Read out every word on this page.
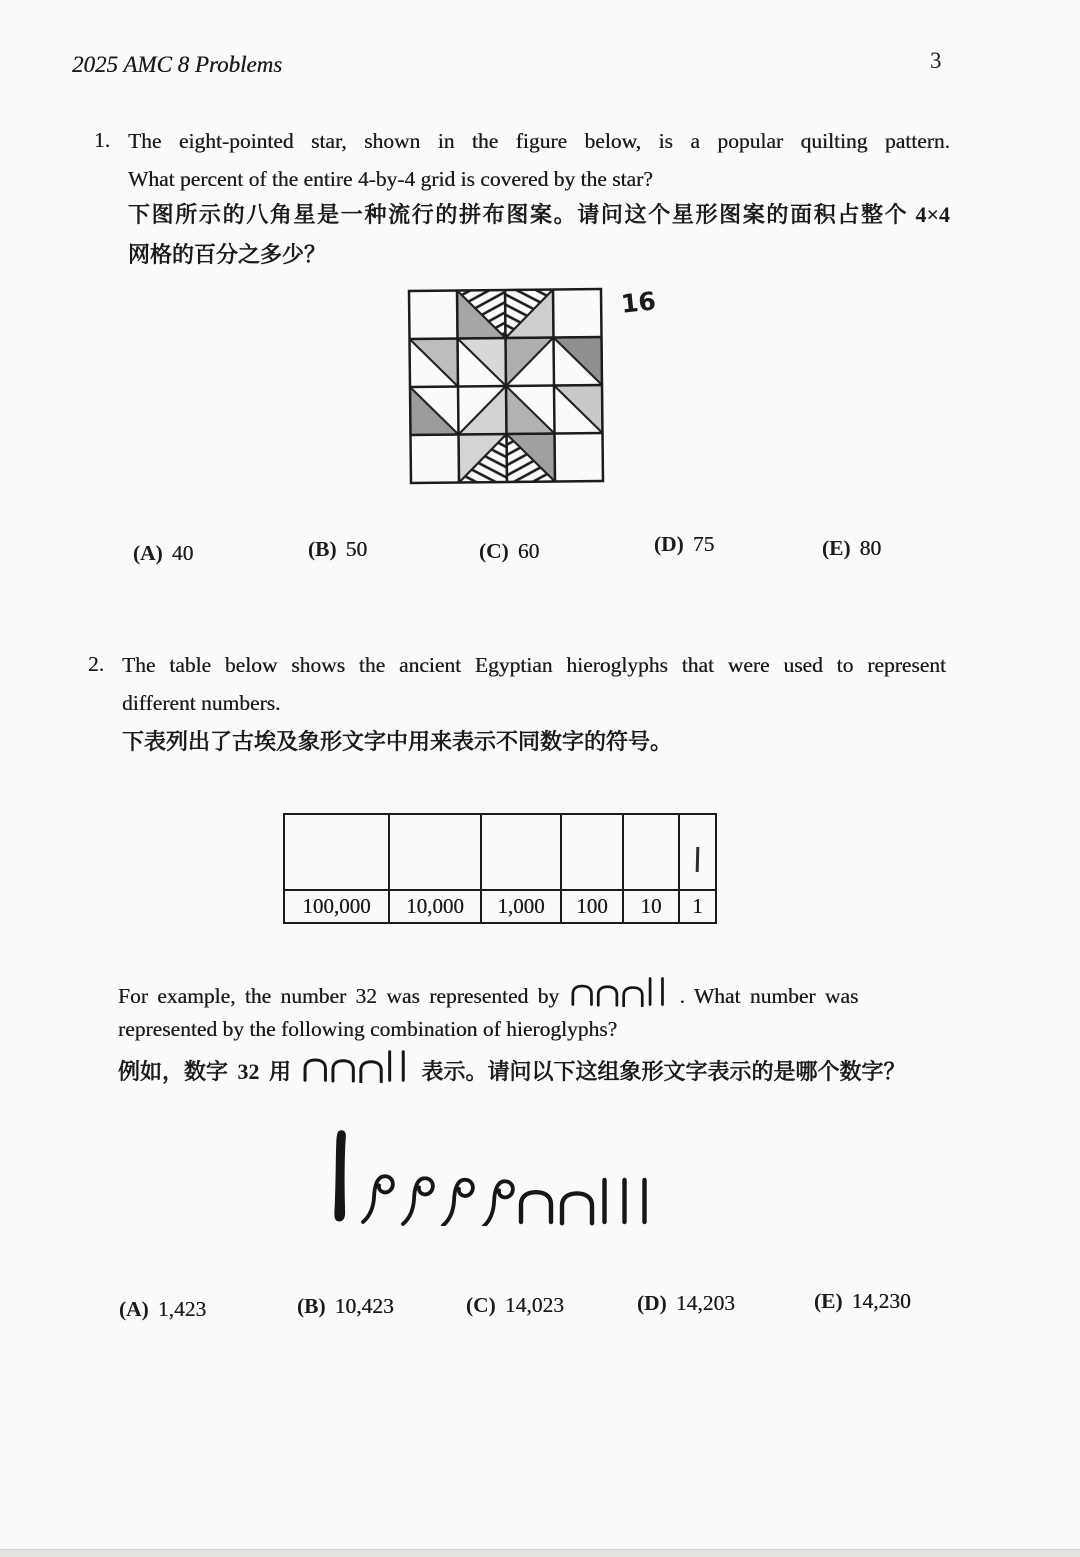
2025 AMC 8 Problems	3
1. The eight-pointed star, shown in the figure below, is a popular quilting pattern.
What percent of the entire 4-by-4 grid is covered by the star?
下图所示的八角星是一种流行的拼布图案。请问这个星形图案的面积占整个 4×4
网格的百分之多少？
16
(A) 40	(B) 50	(C) 60	(D) 75	(E) 80
2. The table below shows the ancient Egyptian hieroglyphs that were used to represent
different numbers.
下表列出了古埃及象形文字中用来表示不同数字的符号。
100,000	10,000	1,000	100	10	1
For example, the number 32 was represented by	. What number was
represented by the following combination of hieroglyphs?
例如，数字 32 用	表示。请问以下这组象形文字表示的是哪个数字？
(A) 1,423	(B) 10,423	(C) 14,023	(D) 14,203	(E) 14,230
